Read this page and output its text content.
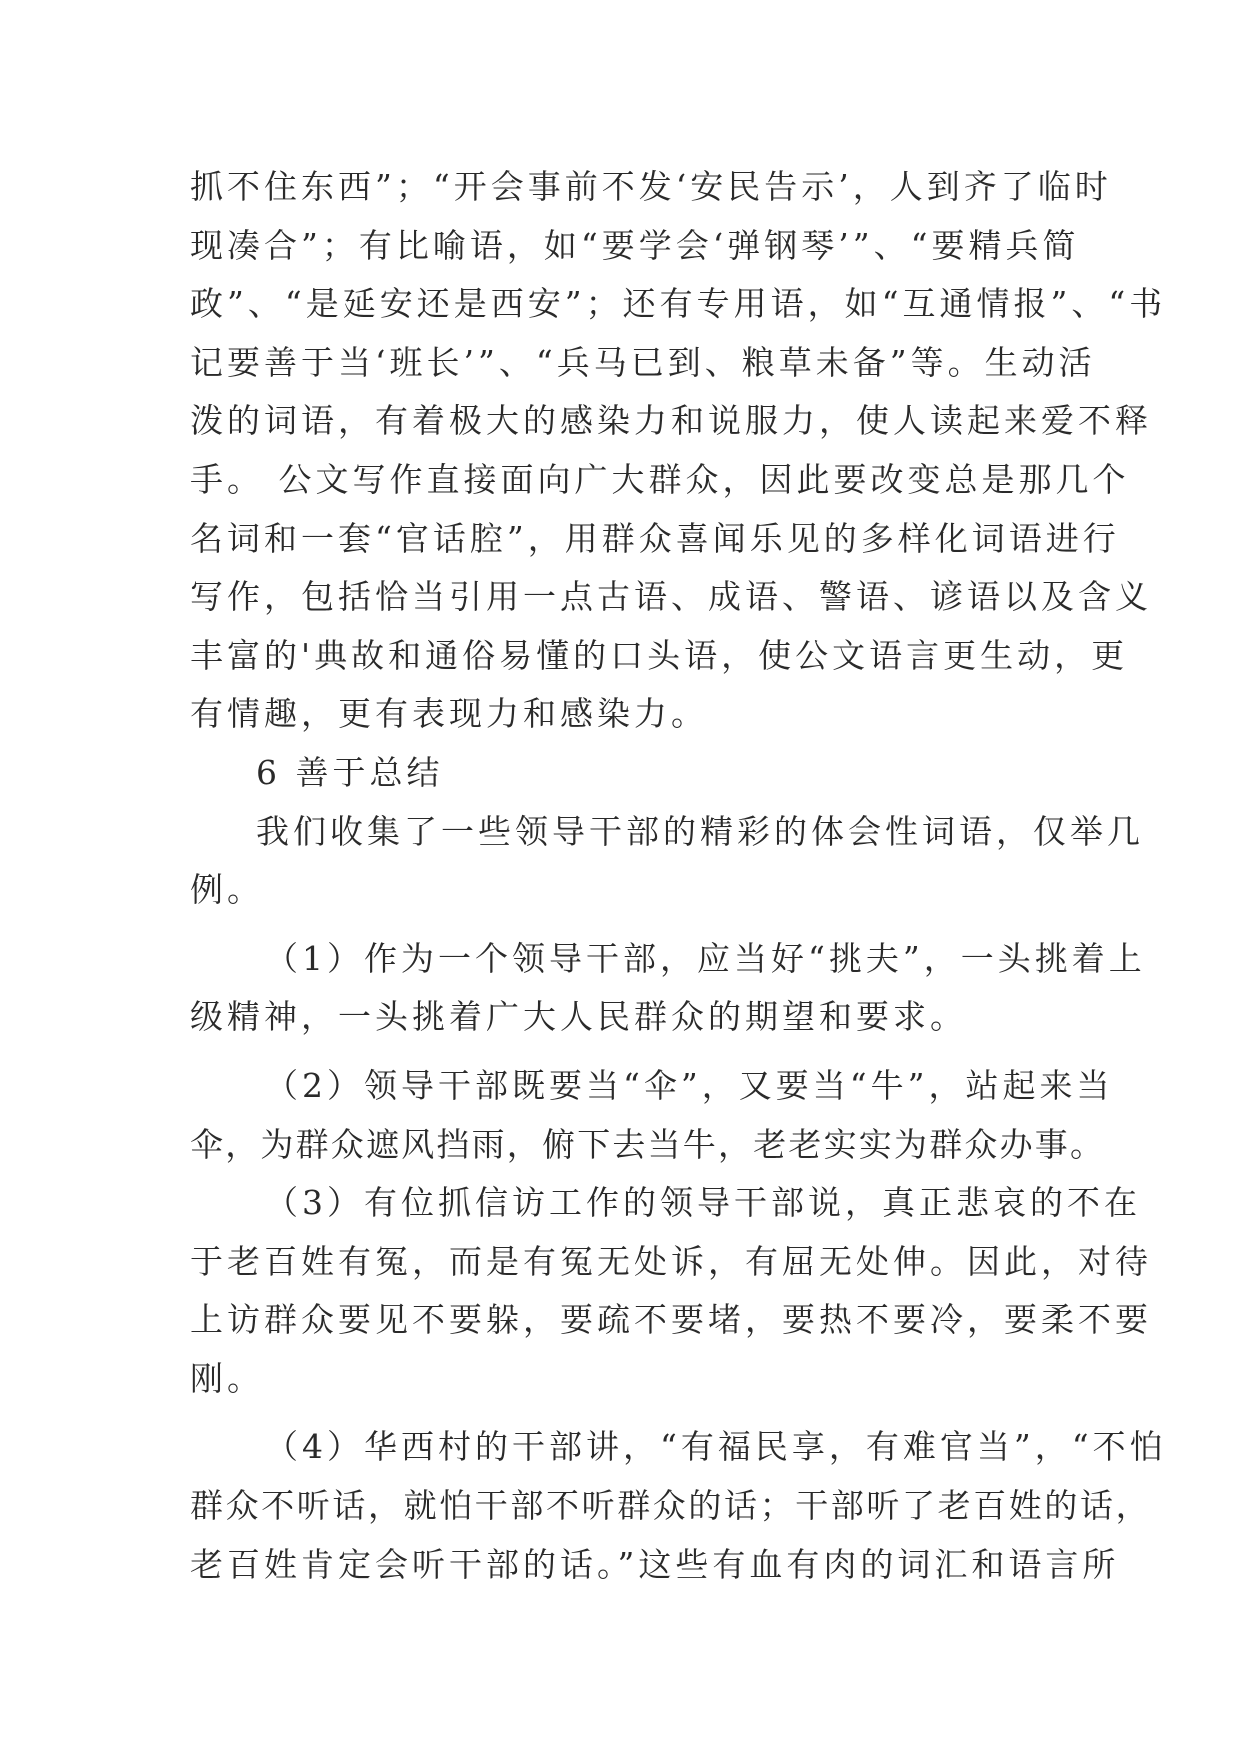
抓不住东西”；“开会事前不发‘安民告示’，人到齐了临时
现凑合”；有比喻语，如“要学会‘弹钢琴’”、“要精兵简
政”、“是延安还是西安”；还有专用语，如“互通情报”、“书
记要善于当‘班长’”、“兵马已到、粮草未备”等。生动活
泼的词语，有着极大的感染力和说服力，使人读起来爱不释
手。 公文写作直接面向广大群众，因此要改变总是那几个
名词和一套“官话腔”，用群众喜闻乐见的多样化词语进行
写作，包括恰当引用一点古语、成语、警语、谚语以及含义
丰富的'典故和通俗易懂的口头语，使公文语言更生动，更
有情趣，更有表现力和感染力。
6 善于总结
我们收集了一些领导干部的精彩的体会性词语，仅举几
例。
（1）作为一个领导干部，应当好“挑夫”，一头挑着上
级精神，一头挑着广大人民群众的期望和要求。
（2）领导干部既要当“伞”，又要当“牛”，站起来当
伞，为群众遮风挡雨，俯下去当牛，老老实实为群众办事。
（3）有位抓信访工作的领导干部说，真正悲哀的不在
于老百姓有冤，而是有冤无处诉，有屈无处伸。因此，对待
上访群众要见不要躲，要疏不要堵，要热不要冷，要柔不要
刚。
（4）华西村的干部讲，“有福民享，有难官当”，“不怕
群众不听话，就怕干部不听群众的话；干部听了老百姓的话，
老百姓肯定会听干部的话。”这些有血有肉的词汇和语言所
